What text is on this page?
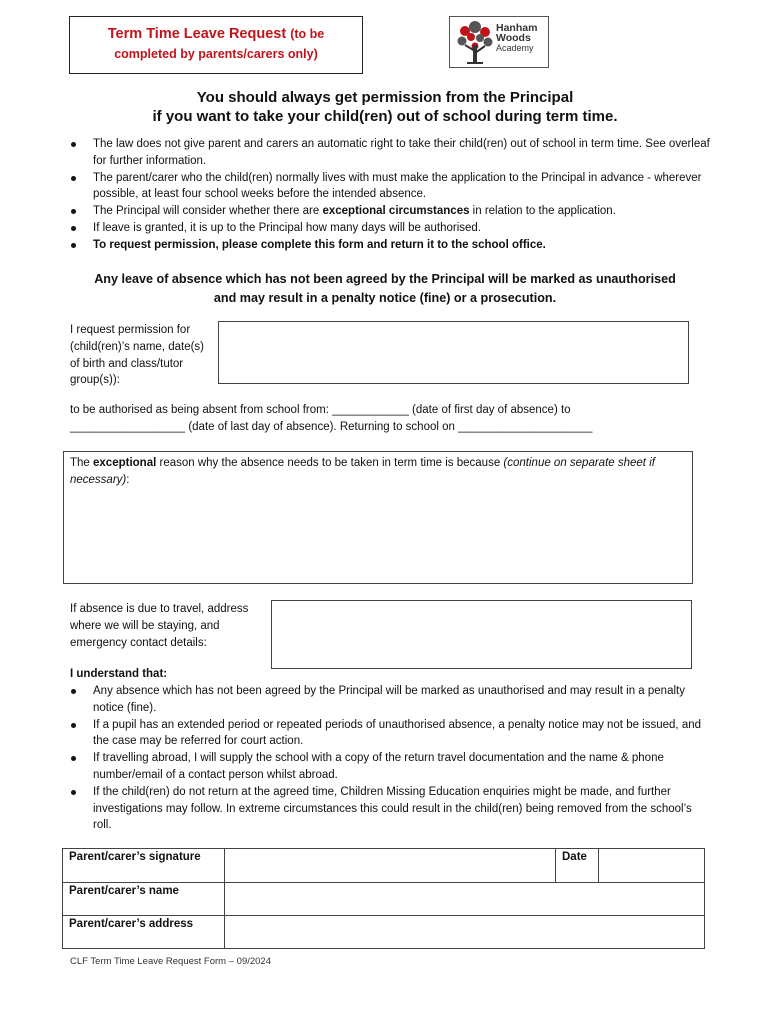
Term Time Leave Request (to be
completed by parents/carers only)
Hanham
Woods
Academy
You should always get permission from the Principal
if you want to take your child(ren) out of school during term time.
The law does not give parent and carers an automatic right to take their child(ren) out of school in term time. See overleaf for further information.
The parent/carer who the child(ren) normally lives with must make the application to the Principal in advance - wherever possible, at least four school weeks before the intended absence.
The Principal will consider whether there are exceptional circumstances in relation to the application.
If leave is granted, it is up to the Principal how many days will be authorised.
To request permission, please complete this form and return it to the school office.
Any leave of absence which has not been agreed by the Principal will be marked as unauthorised
and may result in a penalty notice (fine) or a prosecution.
I request permission for (child(ren)’s name, date(s) of birth and class/tutor group(s)):
to be authorised as being absent from school from: ____________ (date of first day of absence) to
__________________ (date of last day of absence). Returning to school on _____________________
The exceptional reason why the absence needs to be taken in term time is because (continue on separate sheet if necessary):
If absence is due to travel, address where we will be staying, and emergency contact details:
I understand that:
Any absence which has not been agreed by the Principal will be marked as unauthorised and may result in a penalty notice (fine).
If a pupil has an extended period or repeated periods of unauthorised absence, a penalty notice may not be issued, and the case may be referred for court action.
If travelling abroad, I will supply the school with a copy of the return travel documentation and the name & phone number/email of a contact person whilst abroad.
If the child(ren) do not return at the agreed time, Children Missing Education enquiries might be made, and further investigations may follow. In extreme circumstances this could result in the child(ren) being removed from the school’s roll.
Parent/carer’s signature		Date	
Parent/carer’s name			
Parent/carer’s address			
CLF Term Time Leave Request Form – 09/2024
